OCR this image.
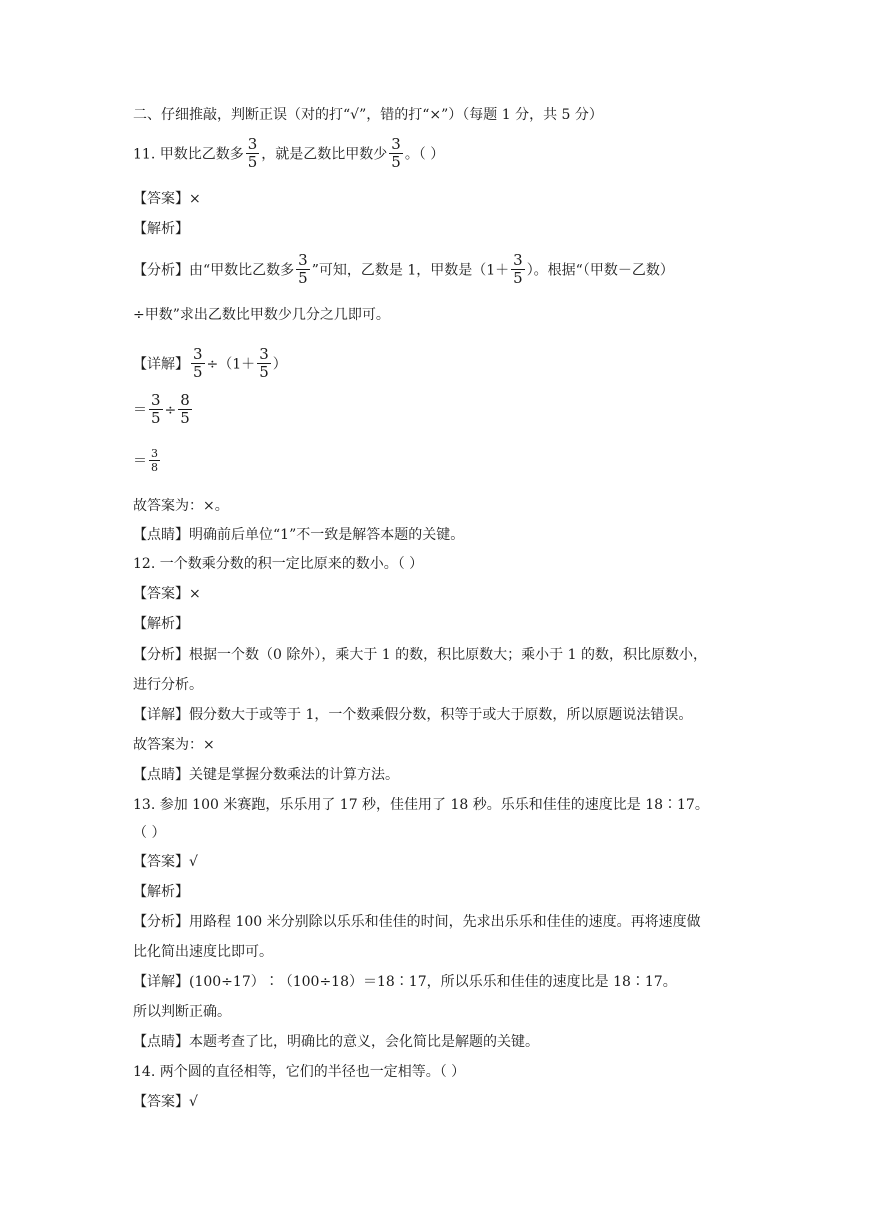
二、仔细推敲，判断正误（对的打“√”，错的打“×”）（每题 1 分，共 5 分）
11. 甲数比乙数多 $\frac{3}{5}$ ，就是乙数比甲数少 $\frac{3}{5}$ 。（ ）
【答案】×
【解析】
【分析】由“甲数比乙数多 $\frac{3}{5}$ ”可知，乙数是 1，甲数是（$1+ \frac{3}{5}$ ）。根据“（甲数－乙数）
÷甲数”求出乙数比甲数少几分之几即可。
【详解】 $\frac{3}{5} \div(1+ \frac{3}{5}$ ）
＝ $\frac{3}{5} \div \frac{8}{5}$
＝ $\frac{3}{8}$
故答案为：×。
【点睛】明确前后单位“1”不一致是解答本题的关键。
12. 一个数乘分数的积一定比原来的数小。（ ）
【答案】×
【解析】
【分析】根据一个数（0 除外），乘大于 1 的数，积比原数大；乘小于 1 的数，积比原数小，
进行分析。
【详解】假分数大于或等于 1，一个数乘假分数，积等于或大于原数，所以原题说法错误。
故答案为：×
【点睛】关键是掌握分数乘法的计算方法。
13. 参加 100 米赛跑，乐乐用了 17 秒，佳佳用了 18 秒。乐乐和佳佳的速度比是 18∶17。
（ ）
【答案】√
【解析】
【分析】用路程 100 米分别除以乐乐和佳佳的时间，先求出乐乐和佳佳的速度。再将速度做
比化简出速度比即可。
【详解】(100÷17）∶（100÷18）＝18∶17，所以乐乐和佳佳的速度比是 18∶17。
所以判断正确。
【点睛】本题考查了比，明确比的意义，会化简比是解题的关键。
14. 两个圆的直径相等，它们的半径也一定相等。（ ）
【答案】√
